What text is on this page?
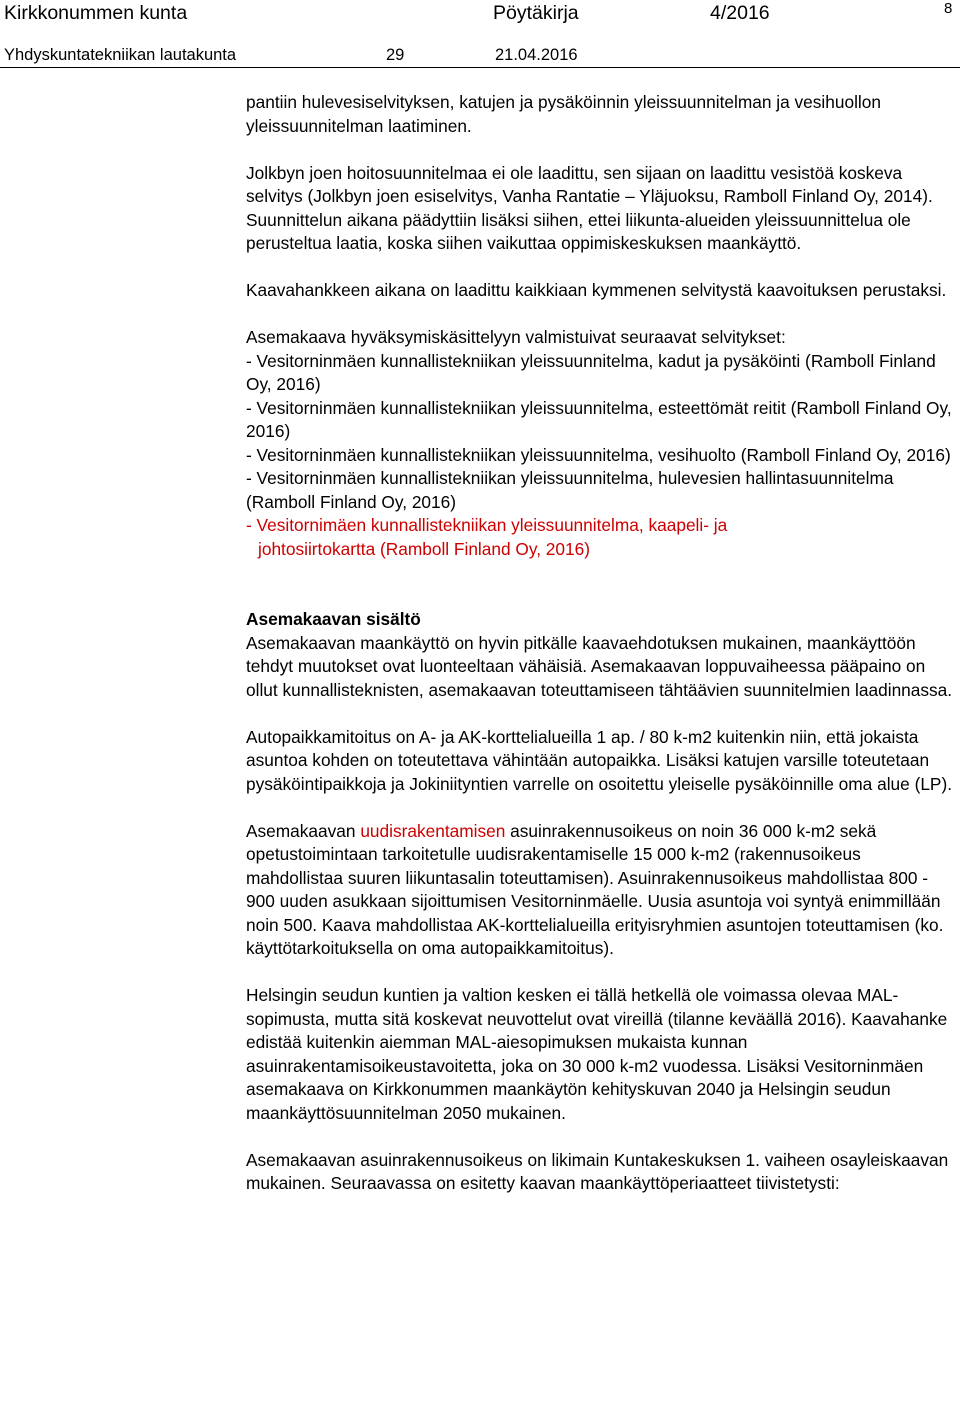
Kirkkonummen kunta	Pöytäkirja	4/2016	8
Yhdyskuntatekniikan lautakunta	29	21.04.2016

pantiin hulevesiselvityksen, katujen ja pysäköinnin yleissuunnitelman ja vesihuollon yleissuunnitelman laatiminen.

Jolkbyn joen hoitosuunnitelmaa ei ole laadittu, sen sijaan on laadittu vesistöä koskeva selvitys (Jolkbyn joen esiselvitys, Vanha Rantatie – Yläjuoksu, Ramboll Finland Oy, 2014). Suunnittelun aikana päädyttiin lisäksi siihen, ettei liikunta-alueiden yleissuunnittelua ole perusteltua laatia, koska siihen vaikuttaa oppimiskeskuksen maankäyttö.

Kaavahankkeen aikana on laadittu kaikkiaan kymmenen selvitystä kaavoituksen perustaksi.

Asemakaava hyväksymiskäsittelyyn valmistuivat seuraavat selvitykset:

- Vesitorninmäen kunnallistekniikan yleissuunnitelma, kadut ja pysäköinti (Ramboll Finland Oy, 2016)

- Vesitorninmäen kunnallistekniikan yleissuunnitelma, esteettömät reitit (Ramboll Finland Oy, 2016)

- Vesitorninmäen kunnallistekniikan yleissuunnitelma, vesihuolto (Ramboll Finland Oy, 2016)

- Vesitorninmäen kunnallistekniikan yleissuunnitelma, hulevesien hallintasuunnitelma (Ramboll Finland Oy, 2016)

- Vesitornimäen kunnallistekniikan yleissuunnitelma, kaapeli- ja

johtosiirtokartta (Ramboll Finland Oy, 2016)

Asemakaavan sisältö

Asemakaavan maankäyttö on hyvin pitkälle kaavaehdotuksen mukainen, maankäyttöön tehdyt muutokset ovat luonteeltaan vähäisiä. Asemakaavan loppuvaiheessa pääpaino on ollut kunnallisteknisten, asemakaavan toteuttamiseen tähtäävien suunnitelmien laadinnassa.

Autopaikkamitoitus on A- ja AK-korttelialueilla 1 ap. / 80 k-m2 kuitenkin niin, että jokaista asuntoa kohden on toteutettava vähintään autopaikka. Lisäksi katujen varsille toteutetaan pysäköintipaikkoja ja Jokiniityntien varrelle on osoitettu yleiselle pysäköinnille oma alue (LP).

Asemakaavan uudisrakentamisen asuinrakennusoikeus on noin 36 000 k-m2 sekä opetustoimintaan tarkoitetulle uudisrakentamiselle 15 000 k-m2 (rakennusoikeus mahdollistaa suuren liikuntasalin toteuttamisen). Asuinrakennusoikeus mahdollistaa 800 - 900 uuden asukkaan sijoittumisen Vesitorninmäelle. Uusia asuntoja voi syntyä enimmillään noin 500. Kaava mahdollistaa AK-korttelialueilla erityisryhmien asuntojen toteuttamisen (ko. käyttötarkoituksella on oma autopaikkamitoitus).

Helsingin seudun kuntien ja valtion kesken ei tällä hetkellä ole voimassa olevaa MAL-sopimusta, mutta sitä koskevat neuvottelut ovat vireillä (tilanne keväällä 2016). Kaavahanke edistää kuitenkin aiemman MAL-aiesopimuksen mukaista kunnan asuinrakentamisoikeustavoitetta, joka on 30 000 k-m2 vuodessa. Lisäksi Vesitorninmäen asemakaava on Kirkkonummen maankäytön kehityskuvan 2040 ja Helsingin seudun maankäyttösuunnitelman 2050 mukainen.

Asemakaavan asuinrakennusoikeus on likimain Kuntakeskuksen 1. vaiheen osayleiskaavan mukainen. Seuraavassa on esitetty kaavan maankäyttöperiaatteet tiivistetysti:
